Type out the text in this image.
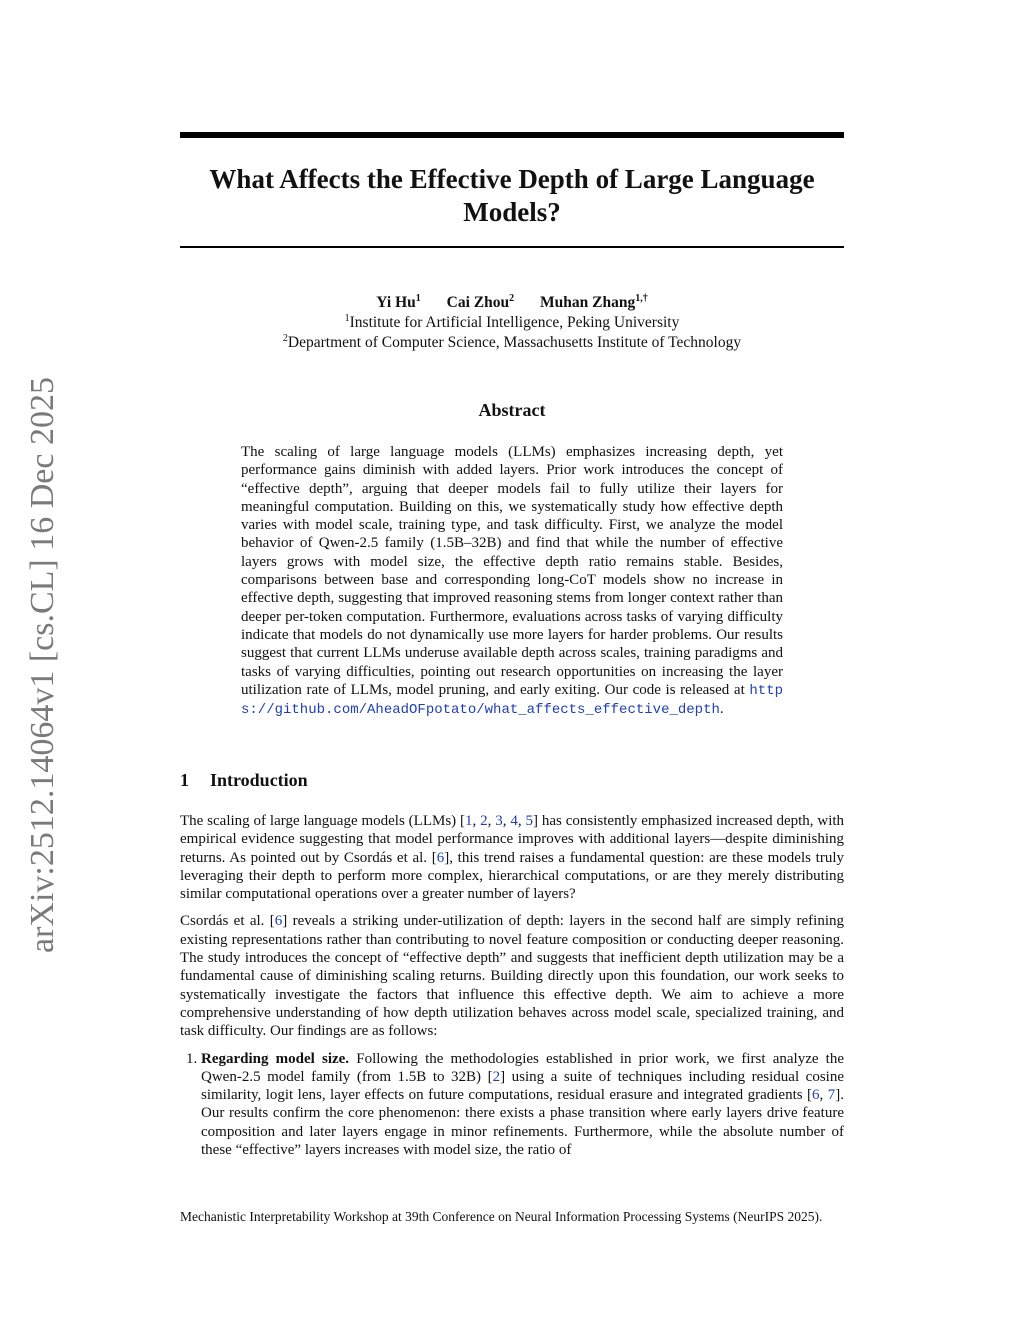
arXiv:2512.14064v1 [cs.CL] 16 Dec 2025
What Affects the Effective Depth of Large Language
Models?
Yi Hu$^1$ Cai Zhou$^2$ Muhan Zhang$^{1,\dagger}$
$^1$Institute for Artificial Intelligence, Peking University
$^2$Department of Computer Science, Massachusetts Institute of Technology
Abstract
The scaling of large language models (LLMs) emphasizes increasing depth, yet performance gains diminish with added layers. Prior work introduces the concept of “effective depth”, arguing that deeper models fail to fully utilize their layers for meaningful computation. Building on this, we systematically study how effective depth varies with model scale, training type, and task difficulty. First, we analyze the model behavior of Qwen-2.5 family (1.5B–32B) and find that while the number of effective layers grows with model size, the effective depth ratio remains stable. Besides, comparisons between base and corresponding long-CoT models show no increase in effective depth, suggesting that improved reasoning stems from longer context rather than deeper per-token computation. Furthermore, evaluations across tasks of varying difficulty indicate that models do not dynamically use more layers for harder problems. Our results suggest that current LLMs underuse available depth across scales, training paradigms and tasks of varying difficulties, pointing out research opportunities on increasing the layer utilization rate of LLMs, model pruning, and early exiting. Our code is released at https://github.com/AheadOFpotato/what_affects_effective_depth.
1 Introduction

The scaling of large language models (LLMs) [1, 2, 3, 4, 5] has consistently emphasized increased depth, with empirical evidence suggesting that model performance improves with additional layers—despite diminishing returns. As pointed out by Csordás et al. [6], this trend raises a fundamental question: are these models truly leveraging their depth to perform more complex, hierarchical computations, or are they merely distributing similar computational operations over a greater number of layers?

Csordás et al. [6] reveals a striking under-utilization of depth: layers in the second half are simply refining existing representations rather than contributing to novel feature composition or conducting deeper reasoning. The study introduces the concept of “effective depth” and suggests that inefficient depth utilization may be a fundamental cause of diminishing scaling returns. Building directly upon this foundation, our work seeks to systematically investigate the factors that influence this effective depth. We aim to achieve a more comprehensive understanding of how depth utilization behaves across model scale, specialized training, and task difficulty. Our findings are as follows:

1. Regarding model size. Following the methodologies established in prior work, we first analyze the Qwen-2.5 model family (from 1.5B to 32B) [2] using a suite of techniques including residual cosine similarity, logit lens, layer effects on future computations, residual erasure and integrated gradients [6, 7]. Our results confirm the core phenomenon: there exists a phase transition where early layers drive feature composition and later layers engage in minor refinements. Furthermore, while the absolute number of these “effective” layers increases with model size, the ratio of
Mechanistic Interpretability Workshop at 39th Conference on Neural Information Processing Systems (NeurIPS 2025).
